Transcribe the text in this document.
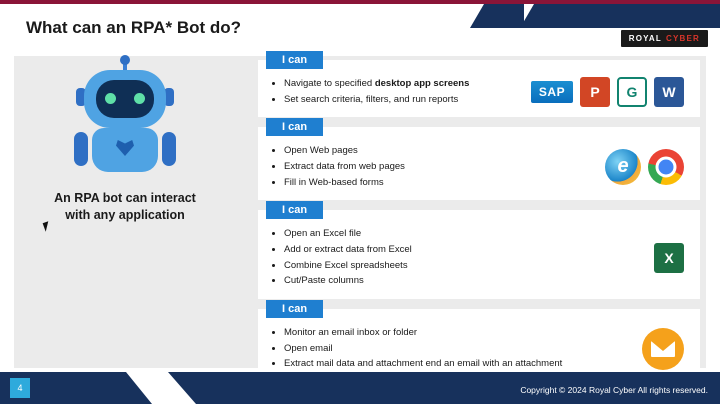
ROYAL CYBER
What can an RPA* Bot do?
An RPA bot can interact
with any application
I can
• Navigate to specified desktop app screens
• Set search criteria, filters, and run reports
SAP	P	G	W
I can
• Open Web pages
• Extract data from web pages
• Fill in Web-based forms
e
I can
• Open an Excel file
• Add or extract data from Excel
• Combine Excel spreadsheets
• Cut/Paste columns
X
I can
• Monitor an email inbox or folder
• Open email
• Extract mail data and attachment end an email with an attachment
4	Copyright © 2024 Royal Cyber All rights reserved.
